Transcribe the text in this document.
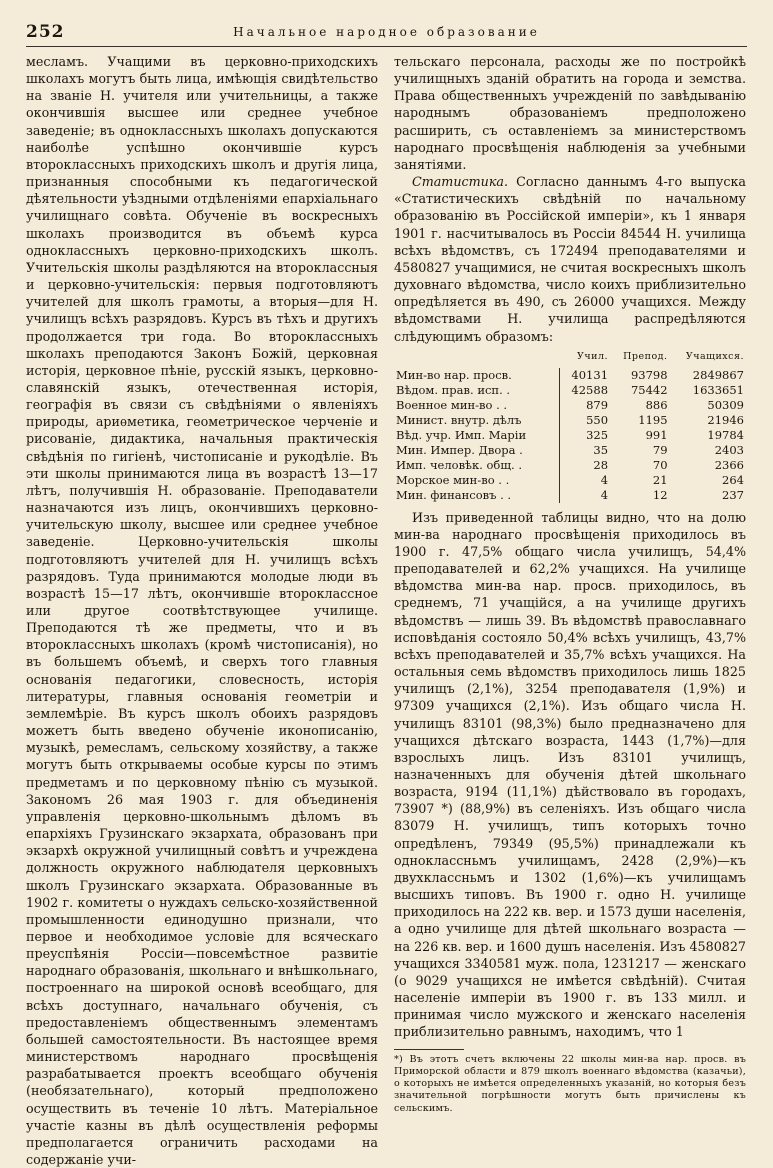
252	Начальное народное образование

месламъ. Учащими въ церковно-приходскихъ школахъ могутъ быть лица, имѣющія свидѣтельство на званіе Н. учителя или учительницы, а также окончившія высшее или среднее учебное заведеніе; въ одноклассныхъ школахъ допускаются наиболѣе успѣшно окончившіе курсъ второклассныхъ приходскихъ школъ и другія лица, признанныя способными къ педагогической дѣятельности уѣздными отдѣленіями епархіальнаго училищнаго совѣта. Обученіе въ воскресныхъ школахъ производится въ объемѣ курса одноклассныхъ церковно-приходскихъ школъ. Учительскія школы раздѣляются на второклассныя и церковно-учительскія: первыя подготовляютъ учителей для школъ грамоты, а вторыя—для Н. училищъ всѣхъ разрядовъ. Курсъ въ тѣхъ и другихъ продолжается три года. Во второклассныхъ школахъ преподаются Законъ Божій, церковная исторія, церковное пѣніе, русскій языкъ, церковно-славянскій языкъ, отечественная исторія, географія въ связи съ свѣдѣніями о явленіяхъ природы, ариѳметика, геометрическое черченіе и рисованіе, дидактика, начальныя практическія свѣдѣнія по гигіенѣ, чистописаніе и рукодѣліе. Въ эти школы принимаются лица въ возрастѣ 13—17 лѣтъ, получившія Н. образованіе. Преподаватели назначаются изъ лицъ, окончившихъ церковно-учительскую школу, высшее или среднее учебное заведеніе. Церковно-учительскія школы подготовляютъ учителей для Н. училищъ всѣхъ разрядовъ. Туда принимаются молодые люди въ возрастѣ 15—17 лѣтъ, окончившіе второклассное или другое соотвѣтствующее училище. Преподаются тѣ же предметы, что и въ второклассныхъ школахъ (кромѣ чистописанія), но въ большемъ объемѣ, и сверхъ того главныя основанія педагогики, словесность, исторія литературы, главныя основанія геометріи и землемѣріе. Въ курсъ школъ обоихъ разрядовъ можетъ быть введено обученіе иконописанію, музыкѣ, ремесламъ, сельскому хозяйству, а также могутъ быть открываемы особые курсы по этимъ предметамъ и по церковному пѣнію съ музыкой. Закономъ 26 мая 1903 г. для объединенія управленія церковно-школьнымъ дѣломъ въ епархіяхъ Грузинскаго экзархата, образованъ при экзархѣ окружной училищный совѣтъ и учреждена должность окружного наблюдателя церковныхъ школъ Грузинскаго экзархата. Образованные въ 1902 г. комитеты о нуждахъ сельско-хозяйственной промышленности единодушно признали, что первое и необходимое условіе для всяческаго преуспѣянія Россіи—повсемѣстное развитіе народнаго образованія, школьнаго и внѣшкольнаго, построеннаго на широкой основѣ всеобщаго, для всѣхъ доступнаго, начальнаго обученія, съ предоставленіемъ общественнымъ элементамъ большей самостоятельности. Въ настоящее время министерствомъ народнаго просвѣщенія разрабатывается проектъ всеобщаго обученія (необязательнаго), который предположено осуществить въ теченіе 10 лѣтъ. Матеріальное участіе казны въ дѣлѣ осуществленія реформы предполагается ограничить расходами на содержаніе учи-

тельскаго персонала, расходы же по постройкѣ училищныхъ зданій обратить на города и земства. Права общественныхъ учрежденій по завѣдыванію народнымъ образованіемъ предположено расширить, съ оставленіемъ за министерствомъ народнаго просвѣщенія наблюденія за учебными занятіями.

Статистика. Согласно даннымъ 4-го выпуска «Статистическихъ свѣдѣній по начальному образованію въ Россійской имперіи», къ 1 января 1901 г. насчитывалось въ Россіи 84544 Н. училища всѣхъ вѣдомствъ, съ 172494 преподавателями и 4580827 учащимися, не считая воскресныхъ школъ духовнаго вѣдомства, число коихъ приблизительно опредѣляется въ 490, съ 26000 учащихся. Между вѣдомствами Н. училища распредѣляются слѣдующимъ образомъ:

	Учил.	Препод.	Учащихся.
Мин-во нар. просв.	40131	93798	2849867
Вѣдом. прав. исп. .	42588	75442	1633651
Военное мин-во . .	879	886	50309
Минист. внутр. дѣлъ	550	1195	21946
Вѣд. учр. Имп. Маріи	325	991	19784
Мин. Импер. Двора .	35	79	2403
Имп. человѣк. общ. .	28	70	2366
Морское мин-во . .	4	21	264
Мин. финансовъ . .	4	12	237

Изъ приведенной таблицы видно, что на долю мин-ва народнаго просвѣщенія приходилось въ 1900 г. 47,5% общаго числа училищъ, 54,4% преподавателей и 62,2% учащихся. На училище вѣдомства мин-ва нар. просв. приходилось, въ среднемъ, 71 учащійся, а на училище другихъ вѣдомствъ — лишь 39. Въ вѣдомствѣ православнаго исповѣданія состояло 50,4% всѣхъ училищъ, 43,7% всѣхъ преподавателей и 35,7% всѣхъ учащихся. На остальныя семь вѣдомствъ приходилось лишь 1825 училищъ (2,1%), 3254 преподавателя (1,9%) и 97309 учащихся (2,1%). Изъ общаго числа Н. училищъ 83101 (98,3%) было предназначено для учащихся дѣтскаго возраста, 1443 (1,7%)—для взрослыхъ лицъ. Изъ 83101 училищъ, назначенныхъ для обученія дѣтей школьнаго возраста, 9194 (11,1%) дѣйствовало въ городахъ, 73907 *) (88,9%) въ селеніяхъ. Изъ общаго числа 83079 Н. училищъ, типъ которыхъ точно опредѣленъ, 79349 (95,5%) принадлежали къ одноклассньмъ училищамъ, 2428 (2,9%)—къ двухклассньмъ и 1302 (1,6%)—къ училищамъ высшихъ типовъ. Въ 1900 г. одно Н. училище приходилось на 222 кв. вер. и 1573 души населенія, а одно училище для дѣтей школьнаго возраста — на 226 кв. вер. и 1600 душъ населенія. Изъ 4580827 учащихся 3340581 муж. пола, 1231217 — женскаго (о 9029 учащихся не имѣется свѣдѣній). Считая населеніе имперіи въ 1900 г. въ 133 милл. и принимая число мужского и женскаго населенія приблизительно равнымъ, находимъ, что 1

*) Въ этотъ счетъ включены 22 школы мин-ва нар. просв. въ Приморской области и 879 школъ военнаго вѣдомства (казачьи), о которыхъ не имѣется определенныхъ указаній, но которыя безъ значительной погрѣшности могутъ быть причислены къ сельскимъ.
